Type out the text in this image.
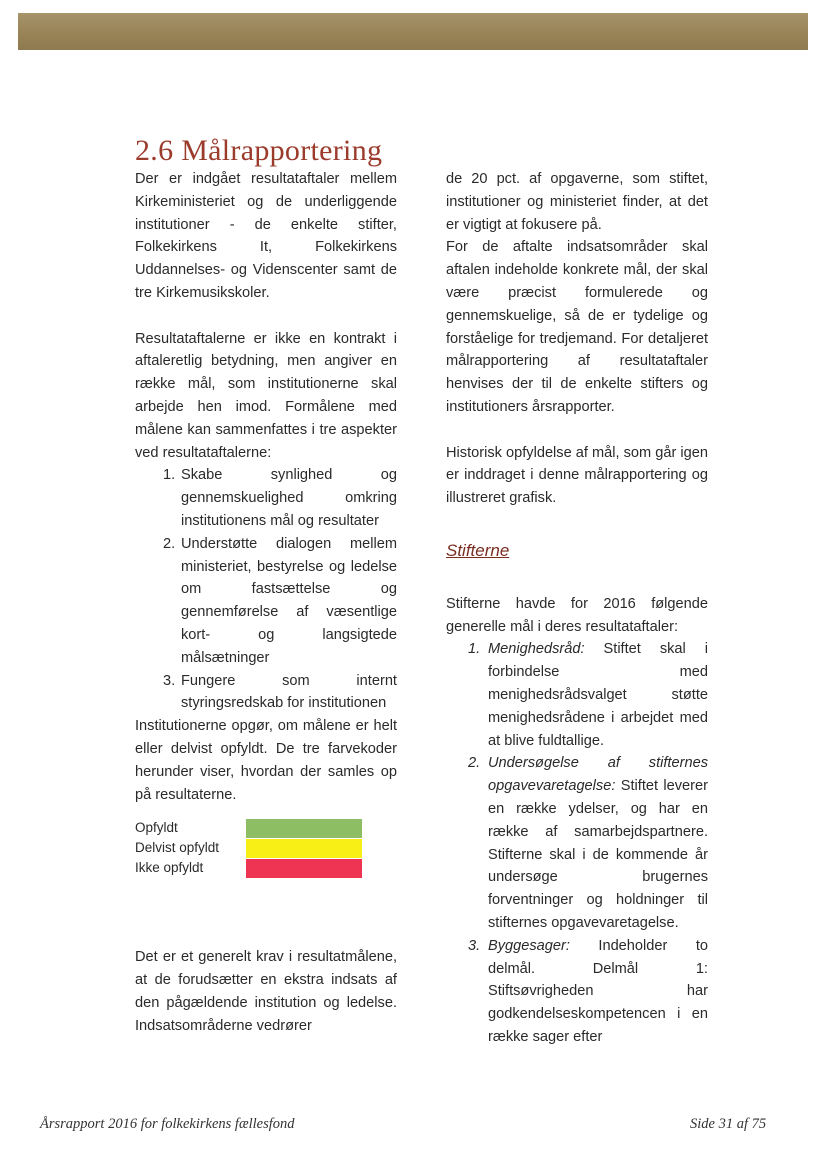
2.6 Målrapportering

Der er indgået resultataftaler mellem Kirkeministeriet og de underliggende institutioner - de enkelte stifter, Folkekirkens It, Folkekirkens Uddannelses- og Videnscenter samt de tre Kirkemusikskoler.

Resultataftalerne er ikke en kontrakt i aftaleretlig betydning, men angiver en række mål, som institutionerne skal arbejde hen imod. Formålene med målene kan sammenfattes i tre aspekter ved resultataftalerne:

1. Skabe synlighed og gennemskuelighed omkring institutionens mål og resultater
2. Understøtte dialogen mellem ministeriet, bestyrelse og ledelse om fastsættelse og gennemførelse af væsentlige kort- og langsigtede målsætninger
3. Fungere som internt styringsredskab for institutionen

Institutionerne opgør, om målene er helt eller delvist opfyldt. De tre farvekoder herunder viser, hvordan der samles op på resultaterne.

Opfyldt
Delvist opfyldt
Ikke opfyldt

Det er et generelt krav i resultatmålene, at de forudsætter en ekstra indsats af den pågældende institution og ledelse. Indsatsområderne vedrører

de 20 pct. af opgaverne, som stiftet, institutioner og ministeriet finder, at det er vigtigt at fokusere på.

For de aftalte indsatsområder skal aftalen indeholde konkrete mål, der skal være præcist formulerede og gennemskuelige, så de er tydelige og forståelige for tredjemand. For detaljeret målrapportering af resultataftaler henvises der til de enkelte stifters og institutioners årsrapporter.

Historisk opfyldelse af mål, som går igen er inddraget i denne målrapportering og illustreret grafisk.

Stifterne

Stifterne havde for 2016 følgende generelle mål i deres resultataftaler:

1. Menighedsråd: Stiftet skal i forbindelse med menighedsrådsvalget støtte menighedsrådene i arbejdet med at blive fuldtallige.
2. Undersøgelse af stifternes opgavevaretagelse: Stiftet leverer en række ydelser, og har en række af samarbejdspartnere. Stifterne skal i de kommende år undersøge brugernes forventninger og holdninger til stifternes opgavevaretagelse.
3. Byggesager: Indeholder to delmål. Delmål 1: Stiftsøvrigheden har godkendelseskompetencen i en række sager efter
Årsrapport 2016 for folkekirkens fællesfond	Side 31 af 75
